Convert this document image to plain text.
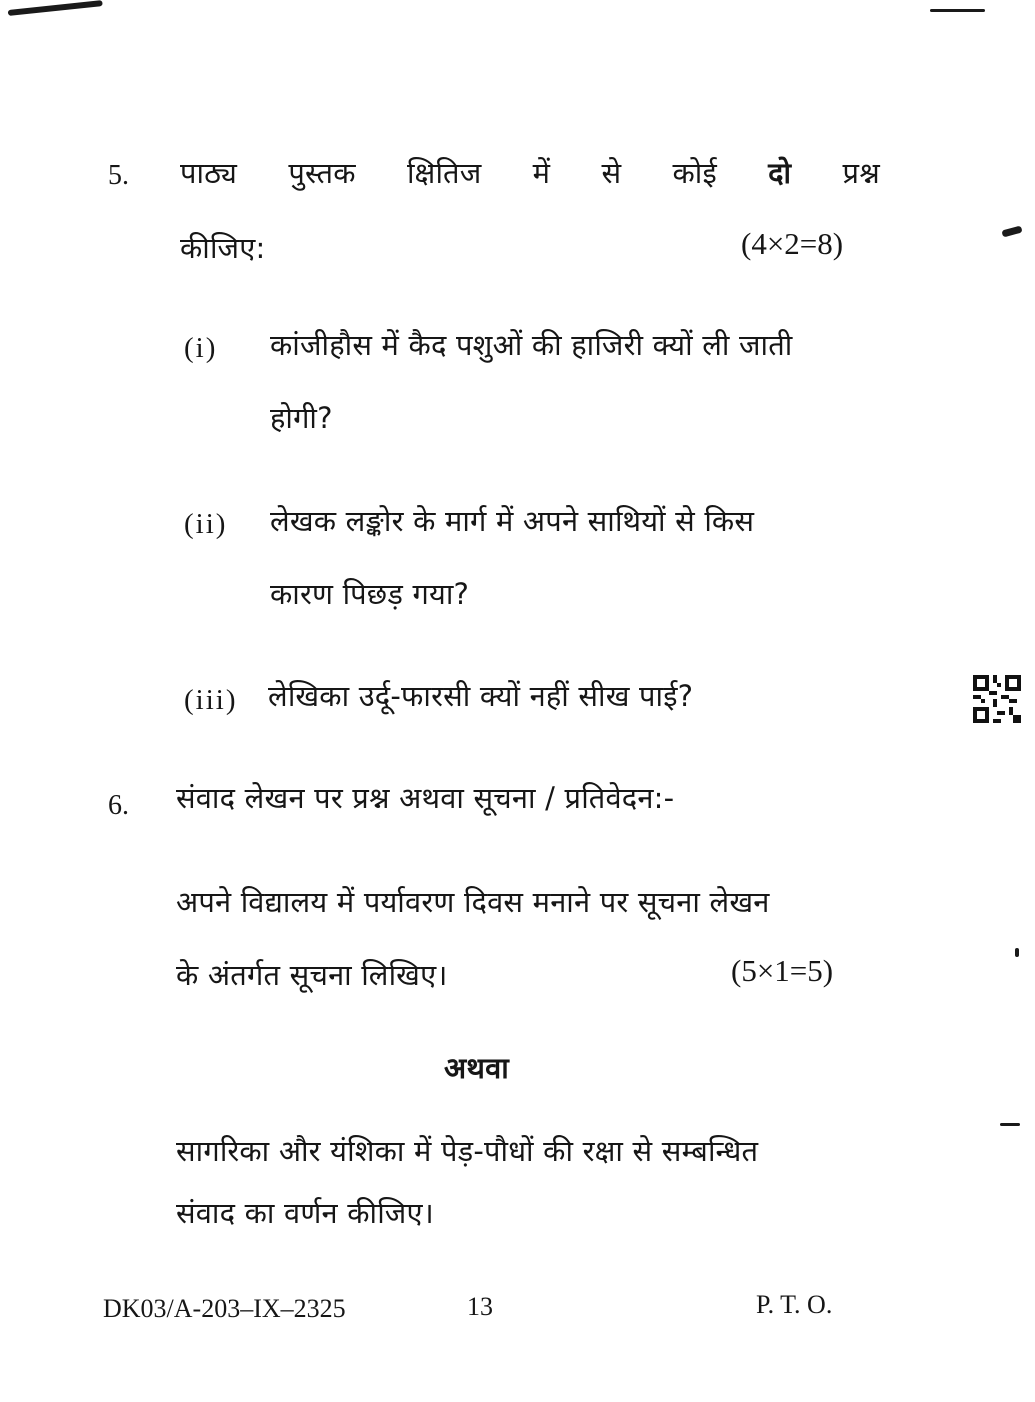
5. पाठ्य पुस्तक क्षितिज में से कोई दो प्रश्न
कीजिए:	(4×2=8)
(i) कांजीहौस में कैद पशुओं की हाजिरी क्यों ली जाती
होगी?
(ii) लेखक लङ्कोर के मार्ग में अपने साथियों से किस
कारण पिछड़ गया?
(iii) लेखिका उर्दू-फारसी क्यों नहीं सीख पाई?
6. संवाद लेखन पर प्रश्न अथवा सूचना / प्रतिवेदन:-
अपने विद्यालय में पर्यावरण दिवस मनाने पर सूचना लेखन
के अंतर्गत सूचना लिखिए।	(5×1=5)
अथवा
सागरिका और यंशिका में पेड़-पौधों की रक्षा से सम्बन्धित
संवाद का वर्णन कीजिए।
DK03/A-203–IX–2325	13	P. T. O.
